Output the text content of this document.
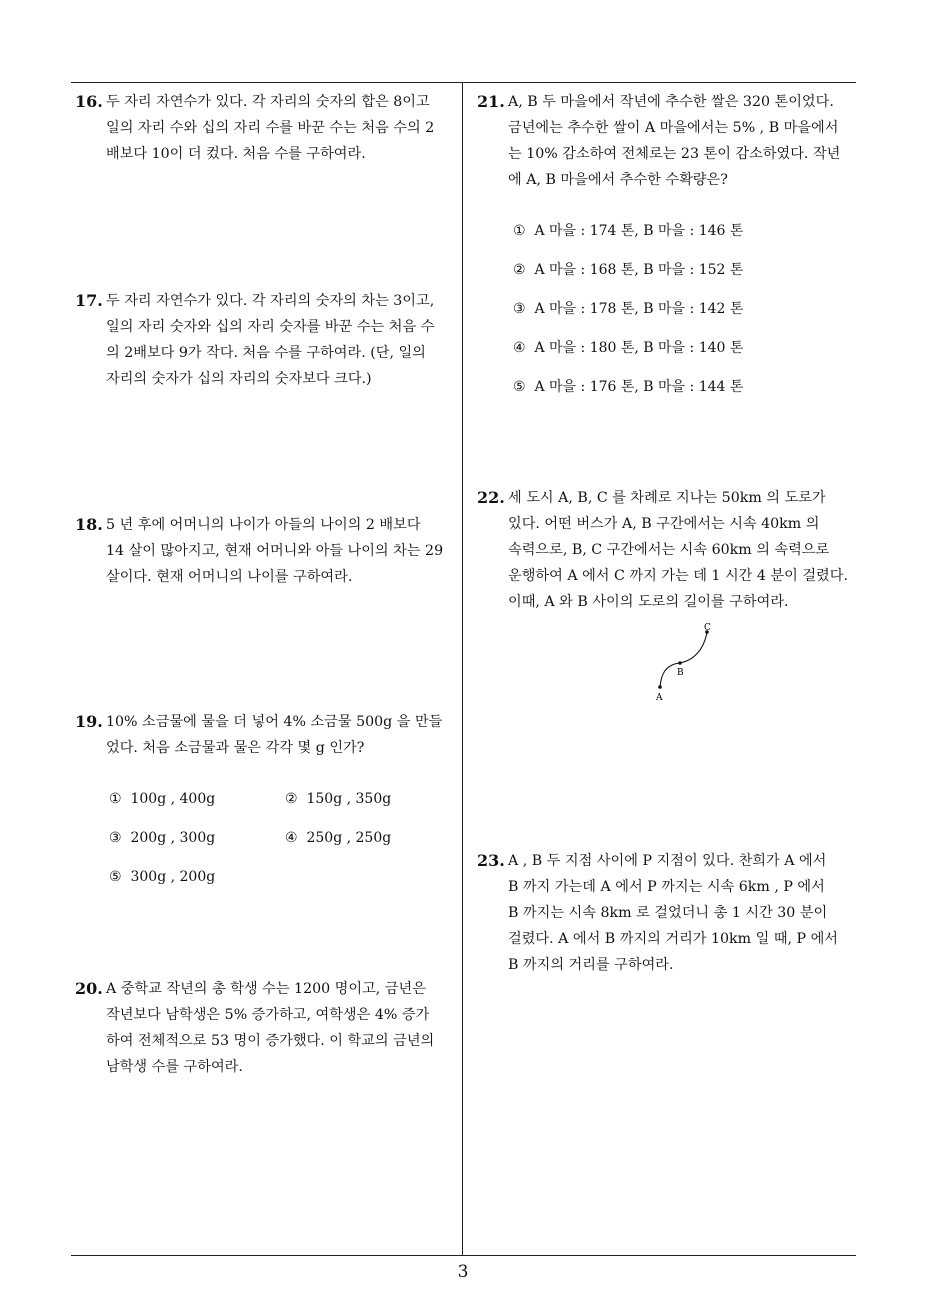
16. 두 자리 자연수가 있다. 각 자리의 숫자의 합은 8이고
일의 자리 수와 십의 자리 수를 바꾼 수는 처음 수의 2
배보다 10이 더 컸다. 처음 수를 구하여라.
17. 두 자리 자연수가 있다. 각 자리의 숫자의 차는 3이고,
일의 자리 숫자와 십의 자리 숫자를 바꾼 수는 처음 수
의 2배보다 9가 작다. 처음 수를 구하여라. (단, 일의
자리의 숫자가 십의 자리의 숫자보다 크다.)
18. 5 년 후에 어머니의 나이가 아들의 나이의 2 배보다
14 살이 많아지고, 현재 어머니와 아들 나이의 차는 29
살이다. 현재 어머니의 나이를 구하여라.
19. 10% 소금물에 물을 더 넣어 4% 소금물 500g 을 만들
었다. 처음 소금물과 물은 각각 몇 g 인가?
① 100g , 400g	② 150g , 350g
③ 200g , 300g	④ 250g , 250g
⑤ 300g , 200g
20. A 중학교 작년의 총 학생 수는 1200 명이고, 금년은
작년보다 남학생은 5% 증가하고, 여학생은 4% 증가
하여 전체적으로 53 명이 증가했다. 이 학교의 금년의
남학생 수를 구하여라.
21. A, B 두 마을에서 작년에 추수한 쌀은 320 톤이었다.
금년에는 추수한 쌀이 A 마을에서는 5% , B 마을에서
는 10% 감소하여 전체로는 23 톤이 감소하였다. 작년
에 A, B 마을에서 추수한 수확량은?
① A 마을 : 174 톤, B 마을 : 146 톤
② A 마을 : 168 톤, B 마을 : 152 톤
③ A 마을 : 178 톤, B 마을 : 142 톤
④ A 마을 : 180 톤, B 마을 : 140 톤
⑤ A 마을 : 176 톤, B 마을 : 144 톤
22. 세 도시 A, B, C 를 차례로 지나는 50km 의 도로가
있다. 어떤 버스가 A, B 구간에서는 시속 40km 의
속력으로, B, C 구간에서는 시속 60km 의 속력으로
운행하여 A 에서 C 까지 가는 데 1 시간 4 분이 걸렸다.
이때, A 와 B 사이의 도로의 길이를 구하여라.
A
B
C
23. A , B 두 지점 사이에 P 지점이 있다. 찬희가 A 에서
B 까지 가는데 A 에서 P 까지는 시속 6km , P 에서
B 까지는 시속 8km 로 걸었더니 총 1 시간 30 분이
걸렸다. A 에서 B 까지의 거리가 10km 일 때, P 에서
B 까지의 거리를 구하여라.
3
